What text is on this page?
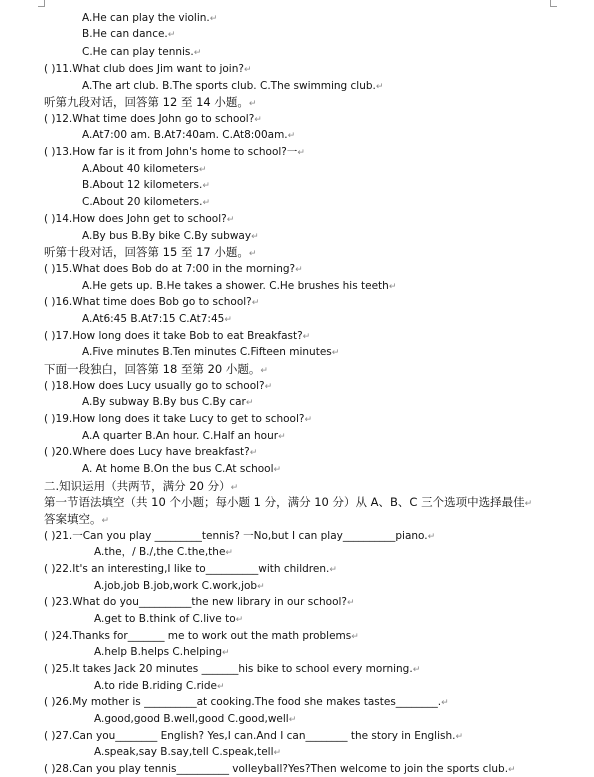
A.He can play the violin.↵
B.He can dance.↵
C.He can play tennis.↵
( )11.What club does Jim want to join?↵
A.The art club. B.The sports club. C.The swimming club.↵
听第九段对话，回答第 12 至 14 小题。↵
( )12.What time does John go to school?↵
A.At7:00 am. B.At7:40am. C.At8:00am.↵
( )13.How far is it from John's home to school?一↵
A.About 40 kilometers↵
B.About 12 kilometers.↵
C.About 20 kilometers.↵
( )14.How does John get to school?↵
A.By bus B.By bike C.By subway↵
听第十段对话，回答第 15 至 17 小题。↵
( )15.What does Bob do at 7:00 in the morning?↵
A.He gets up. B.He takes a shower. C.He brushes his teeth↵
( )16.What time does Bob go to school?↵
A.At6:45 B.At7:15 C.At7:45↵
( )17.How long does it take Bob to eat Breakfast?↵
A.Five minutes B.Ten minutes C.Fifteen minutes↵
下面一段独白，回答第 18 至第 20 小题。↵
( )18.How does Lucy usually go to school?↵
A.By subway B.By bus C.By car↵
( )19.How long does it take Lucy to get to school?↵
A.A quarter B.An hour. C.Half an hour↵
( )20.Where does Lucy have breakfast?↵
A. At home B.On the bus C.At school↵
二.知识运用（共两节，满分 20 分）↵
第一节语法填空（共 10 个小题；每小题 1 分，满分 10 分）从 A、B、C 三个选项中选择最佳↵
答案填空。↵
( )21.一Can you play _________tennis? 一No,but I can play__________piano.↵
A.the，/ B./,the C.the,the↵
( )22.It's an interesting,I like to__________with children.↵
A.job,job B.job,work C.work,job↵
( )23.What do you__________the new library in our school?↵
A.get to B.think of C.live to↵
( )24.Thanks for_______ me to work out the math problems↵
A.help B.helps C.helping↵
( )25.It takes Jack 20 minutes _______his bike to school every morning.↵
A.to ride B.riding C.ride↵
( )26.My mother is __________at cooking.The food she makes tastes________.↵
A.good,good B.well,good C.good,well↵
( )27.Can you________ English? Yes,I can.And I can________ the story in English.↵
A.speak,say B.say,tell C.speak,tell↵
( )28.Can you play tennis__________ volleyball?Yes?Then welcome to join the sports club.↵
